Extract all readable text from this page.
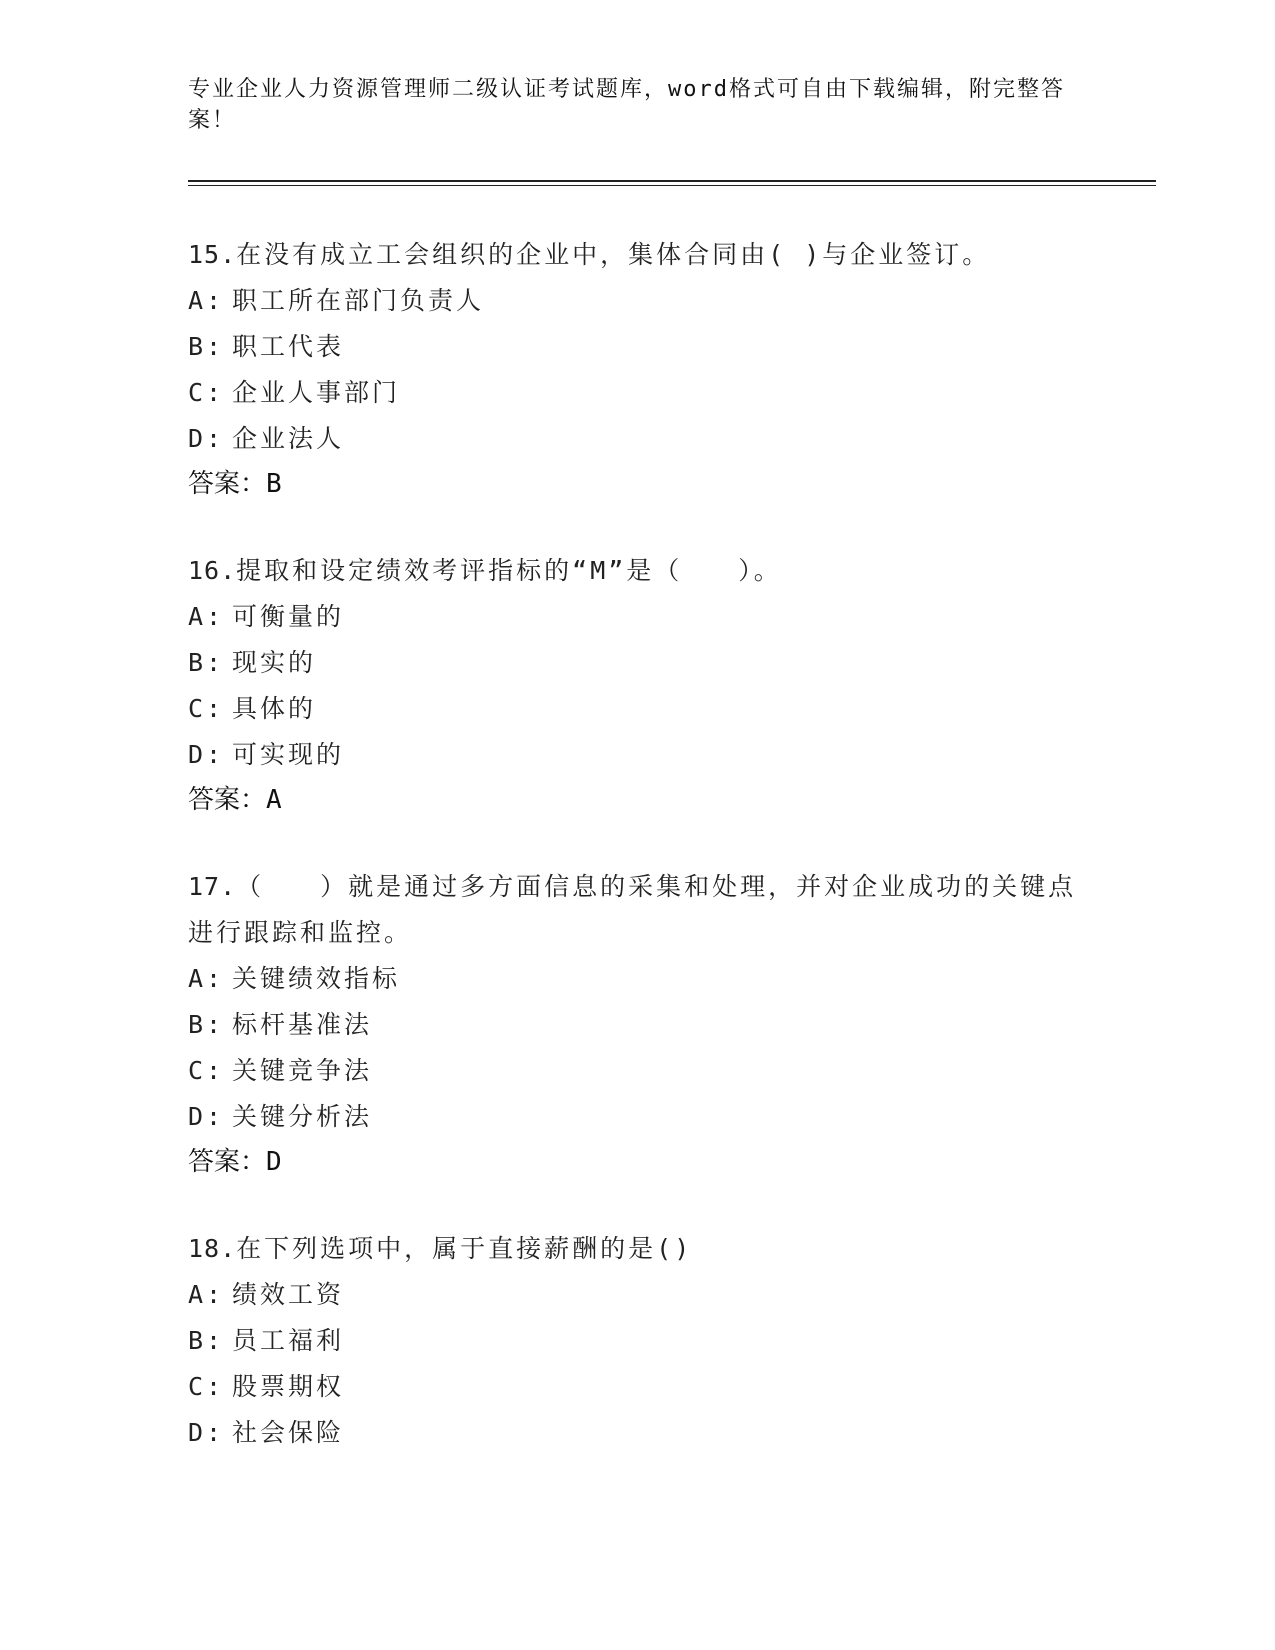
专业企业人力资源管理师二级认证考试题库，word格式可自由下载编辑，附完整答案！
15.在没有成立工会组织的企业中，集体合同由( )与企业签订。
A: 职工所在部门负责人
B: 职工代表
C: 企业人事部门
D: 企业法人
答案：B
16.提取和设定绩效考评指标的“M”是（　　）。
A: 可衡量的
B: 现实的
C: 具体的
D: 可实现的
答案：A
17.（　　）就是通过多方面信息的采集和处理，并对企业成功的关键点进行跟踪和监控。
A: 关键绩效指标
B: 标杆基准法
C: 关键竞争法
D: 关键分析法
答案：D
18.在下列选项中，属于直接薪酬的是()
A: 绩效工资
B: 员工福利
C: 股票期权
D: 社会保险
